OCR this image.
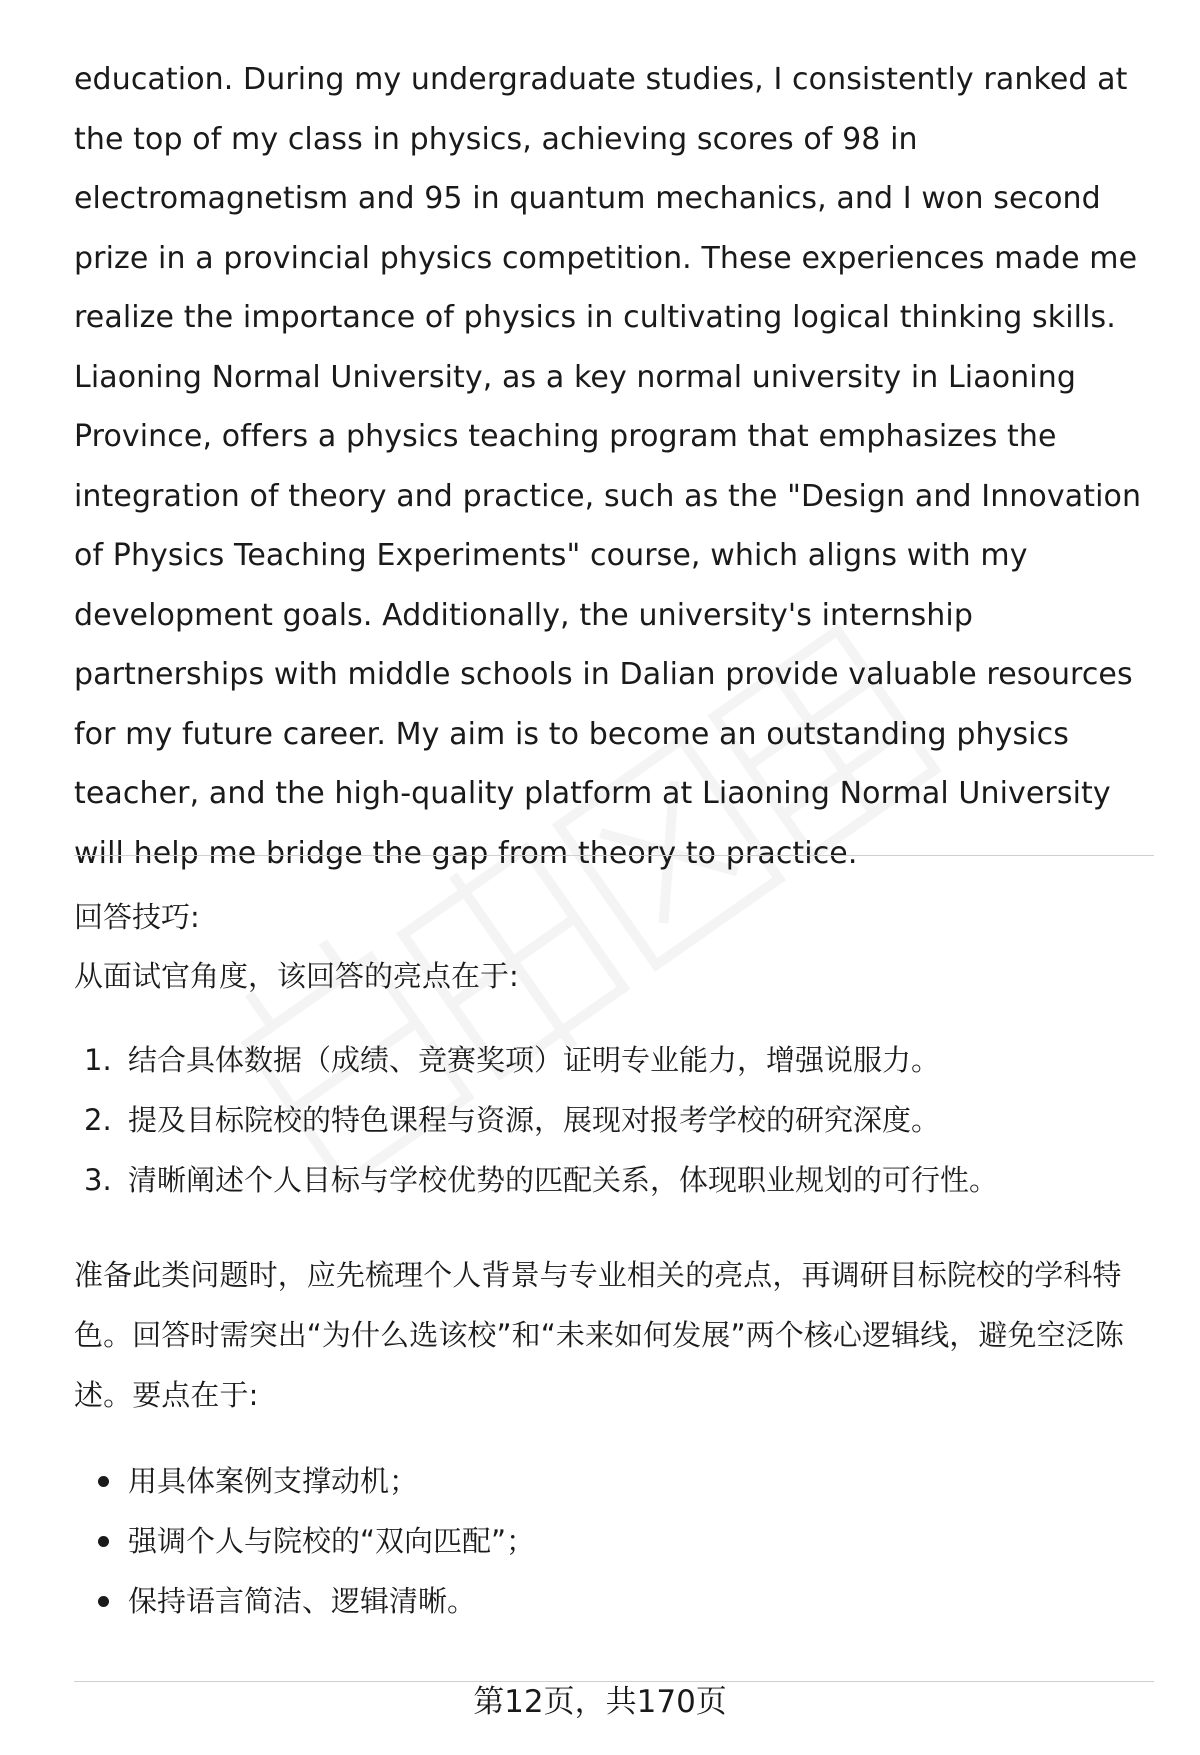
education. During my undergraduate studies, I consistently ranked at the top of my class in physics, achieving scores of 98 in electromagnetism and 95 in quantum mechanics, and I won second prize in a provincial physics competition. These experiences made me realize the importance of physics in cultivating logical thinking skills. Liaoning Normal University, as a key normal university in Liaoning Province, offers a physics teaching program that emphasizes the integration of theory and practice, such as the "Design and Innovation of Physics Teaching Experiments" course, which aligns with my development goals. Additionally, the university's internship partnerships with middle schools in Dalian provide valuable resources for my future career. My aim is to become an outstanding physics teacher, and the high-quality platform at Liaoning Normal University will help me bridge the gap from theory to practice.

回答技巧:

从面试官角度，该回答的亮点在于:

1. 结合具体数据（成绩、竞赛奖项）证明专业能力，增强说服力。
2. 提及目标院校的特色课程与资源，展现对报考学校的研究深度。
3. 清晰阐述个人目标与学校优势的匹配关系，体现职业规划的可行性。

准备此类问题时，应先梳理个人背景与专业相关的亮点，再调研目标院校的学科特色。回答时需突出“为什么选该校”和“未来如何发展”两个核心逻辑线，避免空泛陈述。要点在于:

用具体案例支撑动机；
强调个人与院校的“双向匹配”；
保持语言简洁、逻辑清晰。
第12页，共170页
